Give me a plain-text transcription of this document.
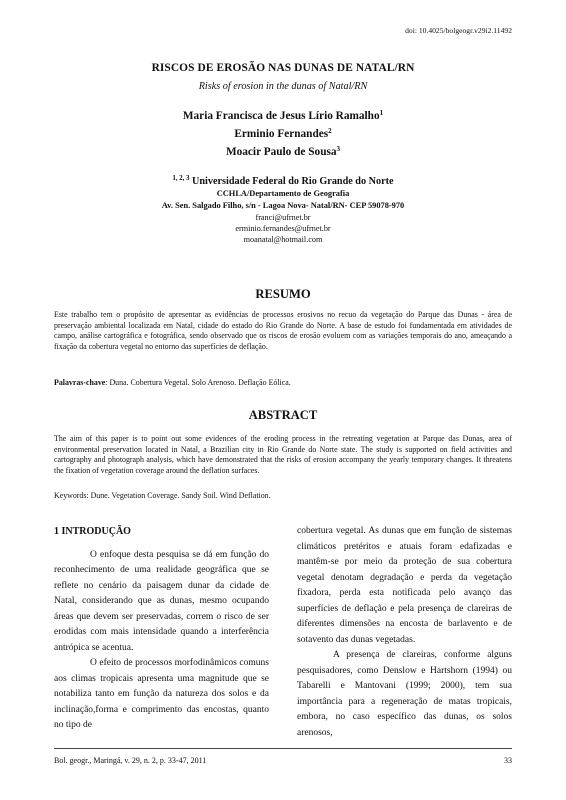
doi: 10.4025/bolgeogr.v29i2.11492
RISCOS DE EROSÃO NAS DUNAS DE NATAL/RN
Risks of erosion in the dunas of Natal/RN
Maria Francisca de Jesus Lírio Ramalho$^1$
Erminio Fernandes$^2$
Moacir Paulo de Sousa$^3$
$^{1, 2, 3}$ Universidade Federal do Rio Grande do Norte
CCHLA/Departamento de Geografia
Av. Sen. Salgado Filho, s/n - Lagoa Nova- Natal/RN- CEP 59078-970
franci@ufrnet.br
erminio.fernandes@ufrnet.br
moanatal@hotmail.com
RESUMO
Este trabalho tem o propósito de apresentar as evidências de processos erosivos no recuo da vegetação do Parque das Dunas - área de preservação ambiental localizada em Natal, cidade do estado do Rio Grande do Norte. A base de estudo foi fundamentada em atividades de campo, análise cartográfica e fotográfica, sendo observado que os riscos de erosão evoluem com as variações temporais do ano, ameaçando a fixação da cobertura vegetal no entorno das superfícies de deflação.
Palavras-chave: Duna. Cobertura Vegetal. Solo Arenoso. Deflação Eólica.
ABSTRACT
The aim of this paper is to point out some evidences of the eroding process in the retreating vegetation at Parque das Dunas, area of environmental preservation located in Natal, a Brazilian city in Rio Grande do Norte state. The study is supported on field activities and cartography and photograph analysis, which have demonstrated that the risks of erosion accompany the yearly temporary changes. It threatens the fixation of vegetation coverage around the deflation surfaces.
Keywords: Dune. Vegetation Coverage. Sandy Soil. Wind Deflation.
1 INTRODUÇÃO

O enfoque desta pesquisa se dá em função do reconhecimento de uma realidade geográfica que se reflete no cenário da paisagem dunar da cidade de Natal, considerando que as dunas, mesmo ocupando áreas que devem ser preservadas, correm o risco de ser erodidas com mais intensidade quando a interferência antrópica se acentua.

O efeito de processos morfodinâmicos comuns aos climas tropicais apresenta uma magnitude que se notabiliza tanto em função da natureza dos solos e da inclinação,forma e comprimento das encostas, quanto no tipo de

cobertura vegetal. As dunas que em função de sistemas climáticos pretéritos e atuais foram edafizadas e mantêm-se por meio da proteção de sua cobertura vegetal denotam degradação e perda da vegetação fixadora, perda esta notificada pelo avanço das superfícies de deflação e pela presença de clareiras de diferentes dimensões na encosta de barlavento e de sotavento das dunas vegetadas.

A presença de clareiras, conforme alguns pesquisadores, como Denslow e Hartshorn (1994) ou Tabarelli e Mantovani (1999; 2000), tem sua importância para a regeneração de matas tropicais, embora, no caso específico das dunas, os solos arenosos,

Bol. geogr., Maringá, v. 29, n. 2, p. 33-47, 2011	33
